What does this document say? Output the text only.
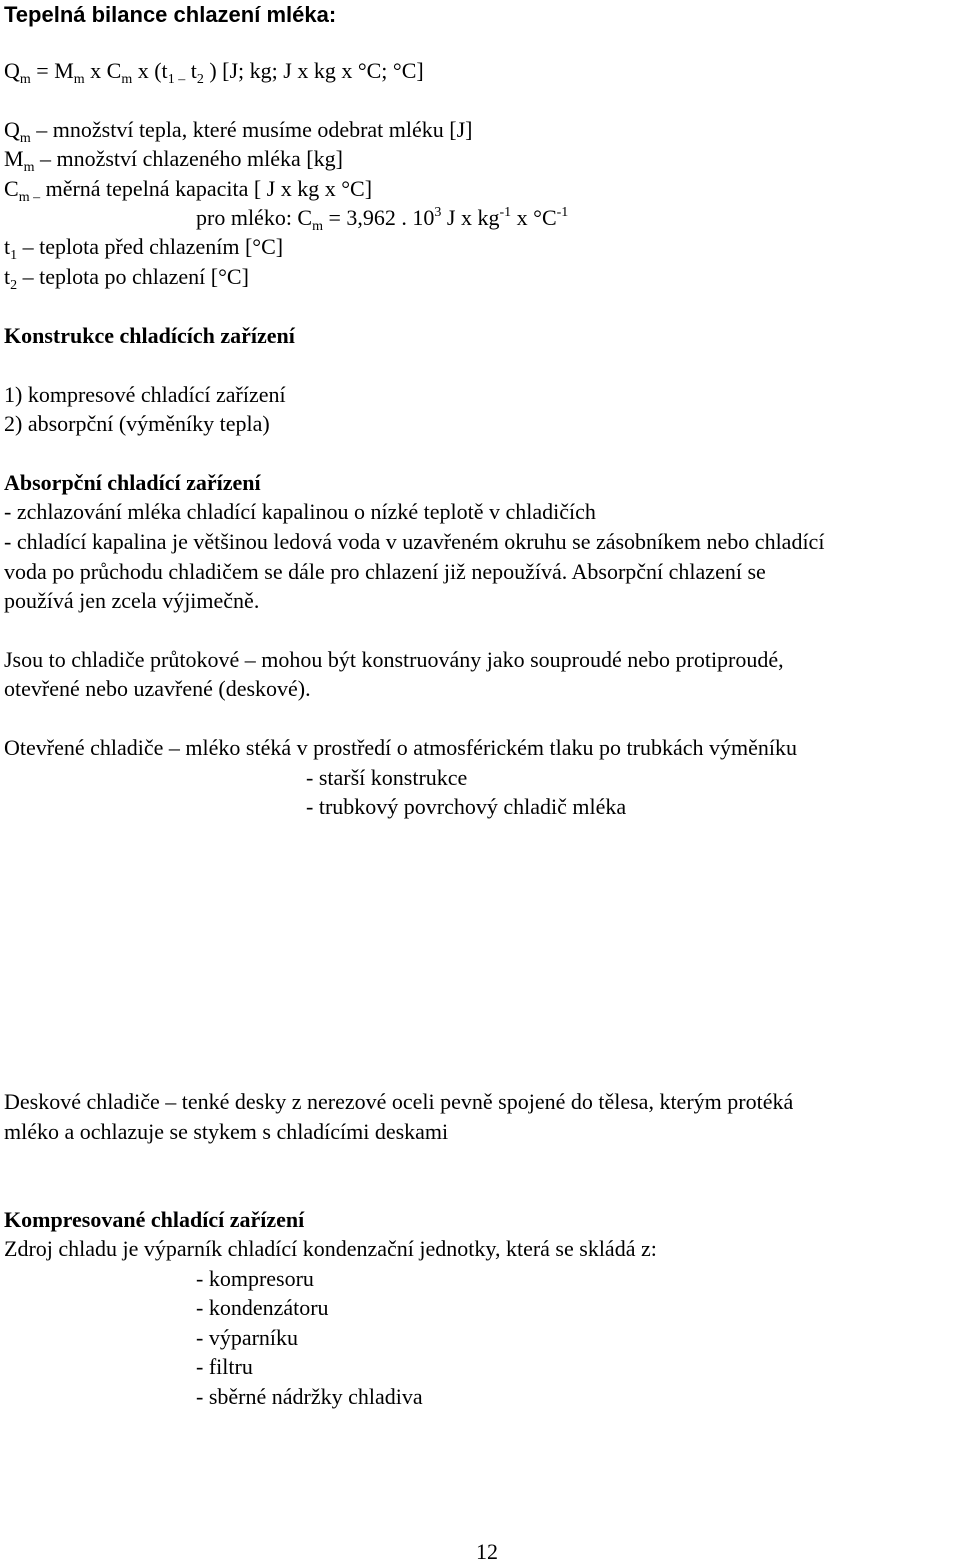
Tepelná bilance chlazení mléka:
$Q_m = M_m$ x $C_m$ x ($t_{1 -}$ $t_2$ ) [J; kg; J x kg x °C; °C]
$Q_m$ – množství tepla, které musíme odebrat mléku [J]
$M_m$ – množství chlazeného mléka [kg]
$C_{m -}$ měrná tepelná kapacita [ J x kg x °C]
pro mléko: $C_m = 3,962$ . $10^3$ J x $kg^{-1}$ x $^\circ C^{-1}$
$t_1$ – teplota před chlazením [°C]
$t_2$ – teplota po chlazení [°C]
Konstrukce chladících zařízení
1) kompresové chladící zařízení
2) absorpční (výměníky tepla)
Absorpční chladící zařízení
- zchlazování mléka chladící kapalinou o nízké teplotě v chladičích
- chladící kapalina je většinou ledová voda v uzavřeném okruhu se zásobníkem nebo chladící
voda po průchodu chladičem se dále pro chlazení již nepoužívá. Absorpční chlazení se
používá jen zcela výjimečně.
Jsou to chladiče průtokové – mohou být konstruovány jako souproudé nebo protiproudé,
otevřené nebo uzavřené (deskové).
Otevřené chladiče – mléko stéká v prostředí o atmosférickém tlaku po trubkách výměníku
- starší konstrukce
- trubkový povrchový chladič mléka
Deskové chladiče – tenké desky z nerezové oceli pevně spojené do tělesa, kterým protéká
mléko a ochlazuje se stykem s chladícími deskami
Kompresované chladící zařízení
Zdroj chladu je výparník chladící kondenzační jednotky, která se skládá z:
- kompresoru
- kondenzátoru
- výparníku
- filtru
- sběrné nádržky chladiva
12
